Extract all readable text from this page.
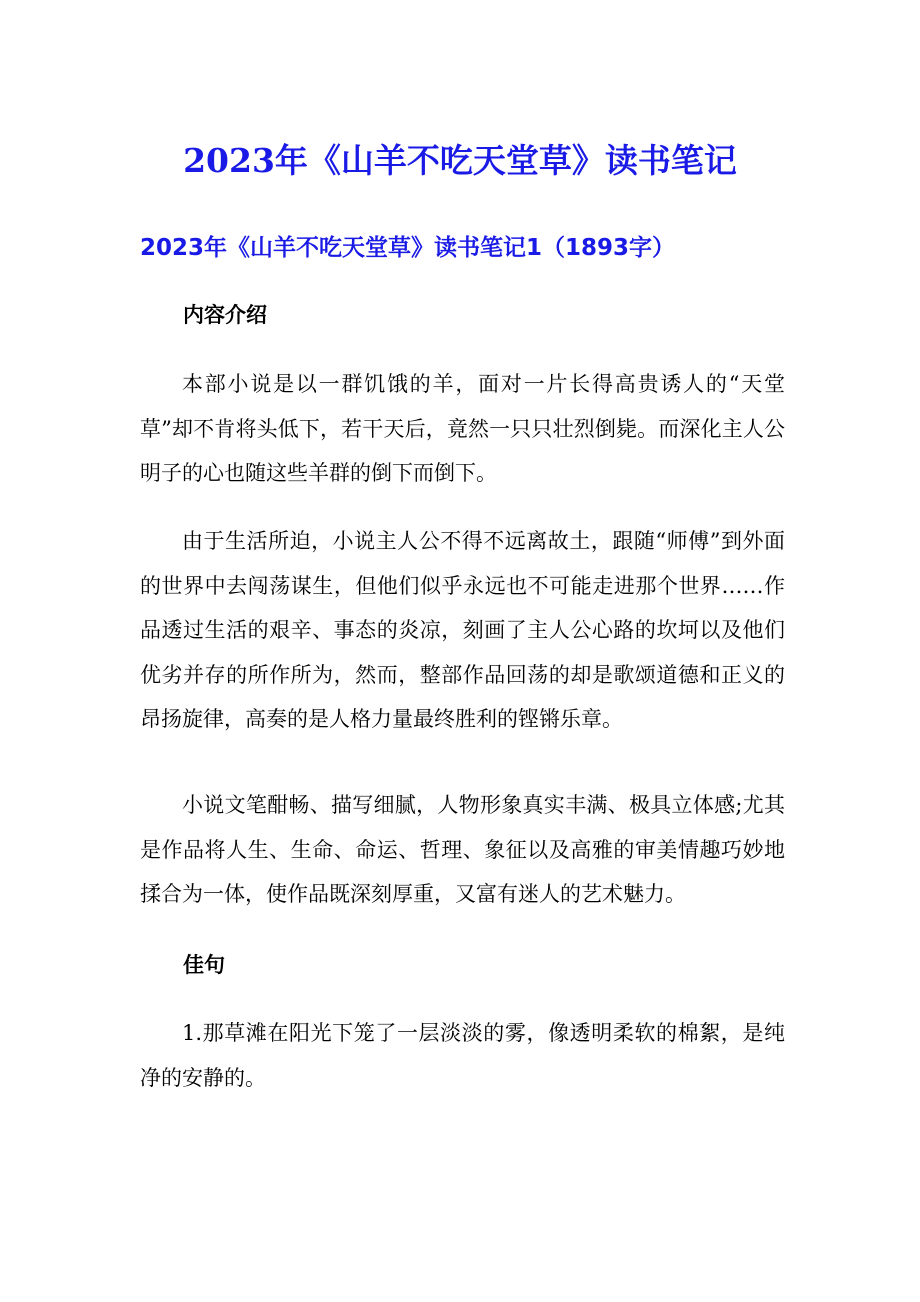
2023年《山羊不吃天堂草》读书笔记
2023年《山羊不吃天堂草》读书笔记1（1893字）
内容介绍

本部小说是以一群饥饿的羊，面对一片长得高贵诱人的“天堂草”却不肯将头低下，若干天后，竟然一只只壮烈倒毙。而深化主人公明子的心也随这些羊群的倒下而倒下。

由于生活所迫，小说主人公不得不远离故土，跟随“师傅”到外面的世界中去闯荡谋生，但他们似乎永远也不可能走进那个世界……作品透过生活的艰辛、事态的炎凉，刻画了主人公心路的坎坷以及他们优劣并存的所作所为，然而，整部作品回荡的却是歌颂道德和正义的昂扬旋律，高奏的是人格力量最终胜利的铿锵乐章。

小说文笔酣畅、描写细腻，人物形象真实丰满、极具立体感;尤其是作品将人生、生命、命运、哲理、象征以及高雅的审美情趣巧妙地揉合为一体，使作品既深刻厚重，又富有迷人的艺术魅力。

佳句

1.那草滩在阳光下笼了一层淡淡的雾，像透明柔软的棉絮，是纯净的安静的。
